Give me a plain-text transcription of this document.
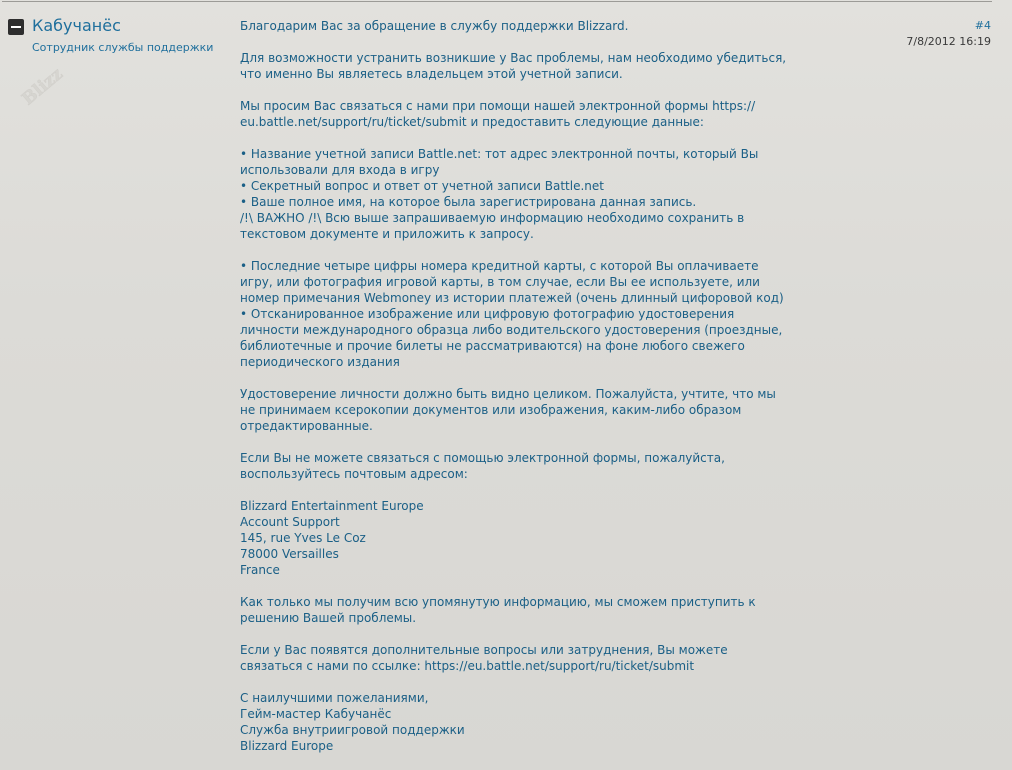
Кабучанёс
Сотрудник службы поддержки
Blizz
#4
7/8/2012 16:19
Благодарим Вас за обращение в службу поддержки Blizzard.
Для возможности устранить возникшие у Вас проблемы, нам необходимо убедиться,
что именно Вы являетесь владельцем этой учетной записи.
Мы просим Вас связаться с нами при помощи нашей электронной формы https://
eu.battle.net/support/ru/ticket/submit и предоставить следующие данные:
• Название учетной записи Battle.net: тот адрес электронной почты, который Вы
использовали для входа в игру
• Секретный вопрос и ответ от учетной записи Battle.net
• Ваше полное имя, на которое была зарегистрирована данная запись.
/!\ ВАЖНО /!\ Всю выше запрашиваемую информацию необходимо сохранить в
текстовом документе и приложить к запросу.
• Последние четыре цифры номера кредитной карты, с которой Вы оплачиваете
игру, или фотография игровой карты, в том случае, если Вы ее используете, или
номер примечания Webmoney из истории платежей (очень длинный цифоровой код)
• Отсканированное изображение или цифровую фотографию удостоверения
личности международного образца либо водительского удостоверения (проездные,
библиотечные и прочие билеты не рассматриваются) на фоне любого свежего
периодического издания
Удостоверение личности должно быть видно целиком. Пожалуйста, учтите, что мы
не принимаем ксерокопии документов или изображения, каким-либо образом
отредактированные.
Если Вы не можете связаться с помощью электронной формы, пожалуйста,
воспользуйтесь почтовым адресом:
Blizzard Entertainment Europe
Account Support
145, rue Yves Le Coz
78000 Versailles
France
Как только мы получим всю упомянутую информацию, мы сможем приступить к
решению Вашей проблемы.
Если у Вас появятся дополнительные вопросы или затруднения, Вы можете
связаться с нами по ссылке: https://eu.battle.net/support/ru/ticket/submit
С наилучшими пожеланиями,
Гейм-мастер Кабучанёс
Служба внутриигровой поддержки
Blizzard Europe
